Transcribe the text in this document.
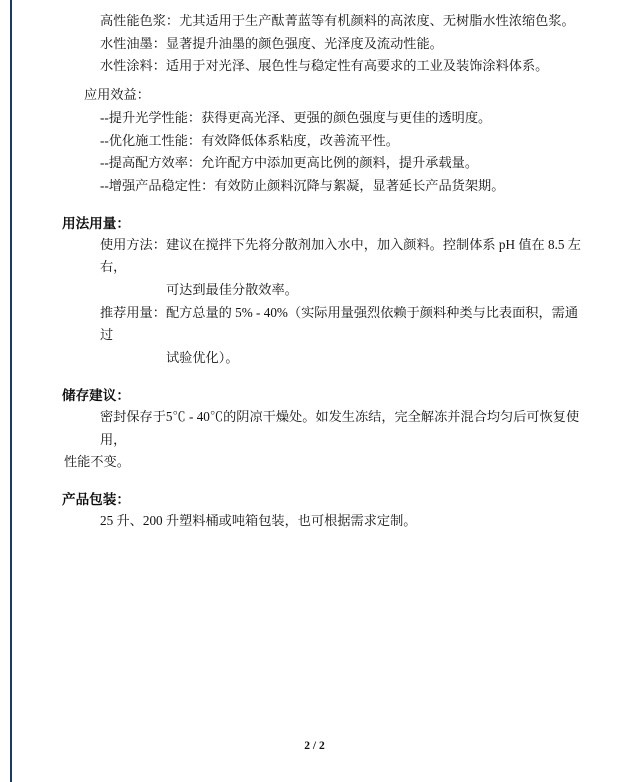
高性能色浆：尤其适用于生产酞菁蓝等有机颜料的高浓度、无树脂水性浓缩色浆。

水性油墨：显著提升油墨的颜色强度、光泽度及流动性能。

水性涂料：适用于对光泽、展色性与稳定性有高要求的工业及装饰涂料体系。

应用效益：

--提升光学性能：获得更高光泽、更强的颜色强度与更佳的透明度。

--优化施工性能：有效降低体系粘度，改善流平性。

--提高配方效率：允许配方中添加更高比例的颜料，提升承载量。

--增强产品稳定性：有效防止颜料沉降与絮凝，显著延长产品货架期。

用法用量：

使用方法：建议在搅拌下先将分散剂加入水中，加入颜料。控制体系 pH 值在 8.5 左右，

可达到最佳分散效率。

推荐用量：配方总量的 5% - 40%（实际用量强烈依赖于颜料种类与比表面积，需通过

试验优化）。

储存建议：

密封保存于5℃ - 40℃的阴凉干燥处。如发生冻结，完全解冻并混合均匀后可恢复使用，

性能不变。

产品包装：

25 升、200 升塑料桶或吨箱包装，也可根据需求定制。

2 / 2
